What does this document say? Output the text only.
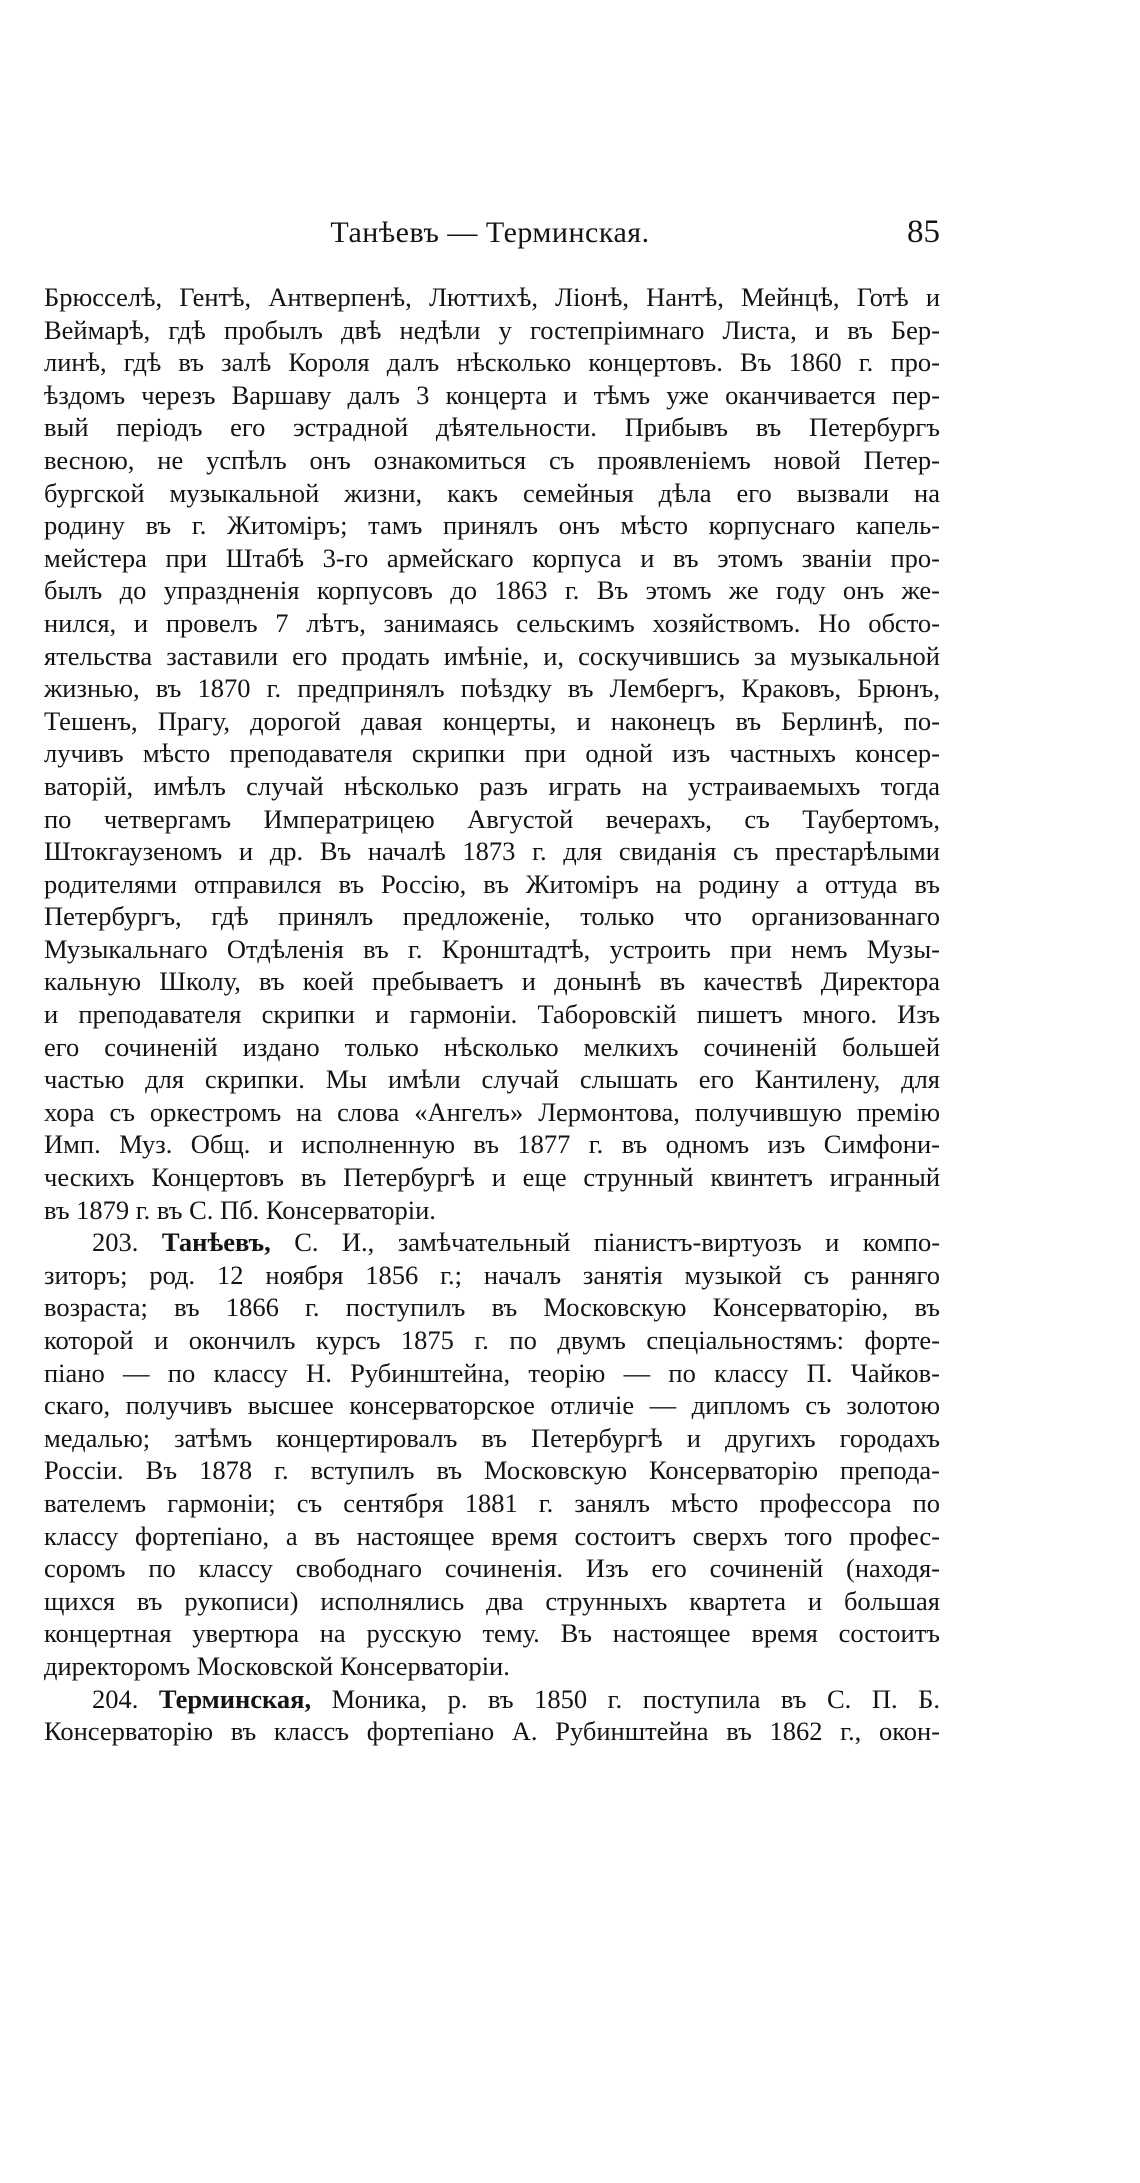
Танѣевъ — Терминская.	85
Брюсселѣ, Гентѣ, Антверпенѣ, Люттихѣ, Ліонѣ, Нантѣ, Мейнцѣ, Готѣ и
Веймарѣ, гдѣ пробылъ двѣ недѣли у гостепріимнаго Листа, и въ Бер-
линѣ, гдѣ въ залѣ Короля далъ нѣсколько концертовъ. Въ 1860 г. про-
ѣздомъ черезъ Варшаву далъ 3 концерта и тѣмъ уже оканчивается пер-
вый періодъ его эстрадной дѣятельности. Прибывъ въ Петербургъ
весною, не успѣлъ онъ ознакомиться съ проявленіемъ новой Петер-
бургской музыкальной жизни, какъ семейныя дѣла его вызвали на
родину въ г. Житоміръ; тамъ принялъ онъ мѣсто корпуснаго капель-
мейстера при Штабѣ 3-го армейскаго корпуса и въ этомъ званіи про-
былъ до упраздненія корпусовъ до 1863 г. Въ этомъ же году онъ же-
нился, и провелъ 7 лѣтъ, занимаясь сельскимъ хозяйствомъ. Но обсто-
ятельства заставили его продать имѣніе, и, соскучившись за музыкальной
жизнью, въ 1870 г. предпринялъ поѣздку въ Лембергъ, Краковъ, Брюнъ,
Тешенъ, Прагу, дорогой давая концерты, и наконецъ въ Берлинѣ, по-
лучивъ мѣсто преподавателя скрипки при одной изъ частныхъ консер-
ваторій, имѣлъ случай нѣсколько разъ играть на устраиваемыхъ тогда
по четвергамъ Императрицею Августой вечерахъ, съ Таубертомъ,
Штокгаузеномъ и др. Въ началѣ 1873 г. для свиданія съ престарѣлыми
родителями отправился въ Россію, въ Житоміръ на родину а оттуда въ
Петербургъ, гдѣ принялъ предложеніе, только что организованнаго
Музыкальнаго Отдѣленія въ г. Кронштадтѣ, устроить при немъ Музы-
кальную Школу, въ коей пребываетъ и донынѣ въ качествѣ Директора
и преподавателя скрипки и гармоніи. Таборовскій пишетъ много. Изъ
его сочиненій издано только нѣсколько мелкихъ сочиненій большей
частью для скрипки. Мы имѣли случай слышать его Кантилену, для
хора съ оркестромъ на слова «Ангелъ» Лермонтова, получившую премію
Имп. Муз. Общ. и исполненную въ 1877 г. въ одномъ изъ Симфони-
ческихъ Концертовъ въ Петербургѣ и еще струнный квинтетъ игранный
въ 1879 г. въ С. Пб. Консерваторіи.
203. Танѣевъ, С. И., замѣчательный піанистъ-виртуозъ и компо-
зиторъ; род. 12 ноября 1856 г.; началъ занятія музыкой съ ранняго
возраста; въ 1866 г. поступилъ въ Московскую Консерваторію, въ
которой и окончилъ курсъ 1875 г. по двумъ спеціальностямъ: форте-
піано — по классу Н. Рубинштейна, теорію — по классу П. Чайков-
скаго, получивъ высшее консерваторское отличіе — дипломъ съ золотою
медалью; затѣмъ концертировалъ въ Петербургѣ и другихъ городахъ
Россіи. Въ 1878 г. вступилъ въ Московскую Консерваторію препода-
вателемъ гармоніи; съ сентября 1881 г. занялъ мѣсто профессора по
классу фортепіано, а въ настоящее время состоитъ сверхъ того профес-
соромъ по классу свободнаго сочиненія. Изъ его сочиненій (находя-
щихся въ рукописи) исполнялись два струнныхъ квартета и большая
концертная увертюра на русскую тему. Въ настоящее время состоитъ
директоромъ Московской Консерваторіи.
204. Терминская, Моника, р. въ 1850 г. поступила въ С. П. Б.
Консерваторію въ классъ фортепіано А. Рубинштейна въ 1862 г., окон-
